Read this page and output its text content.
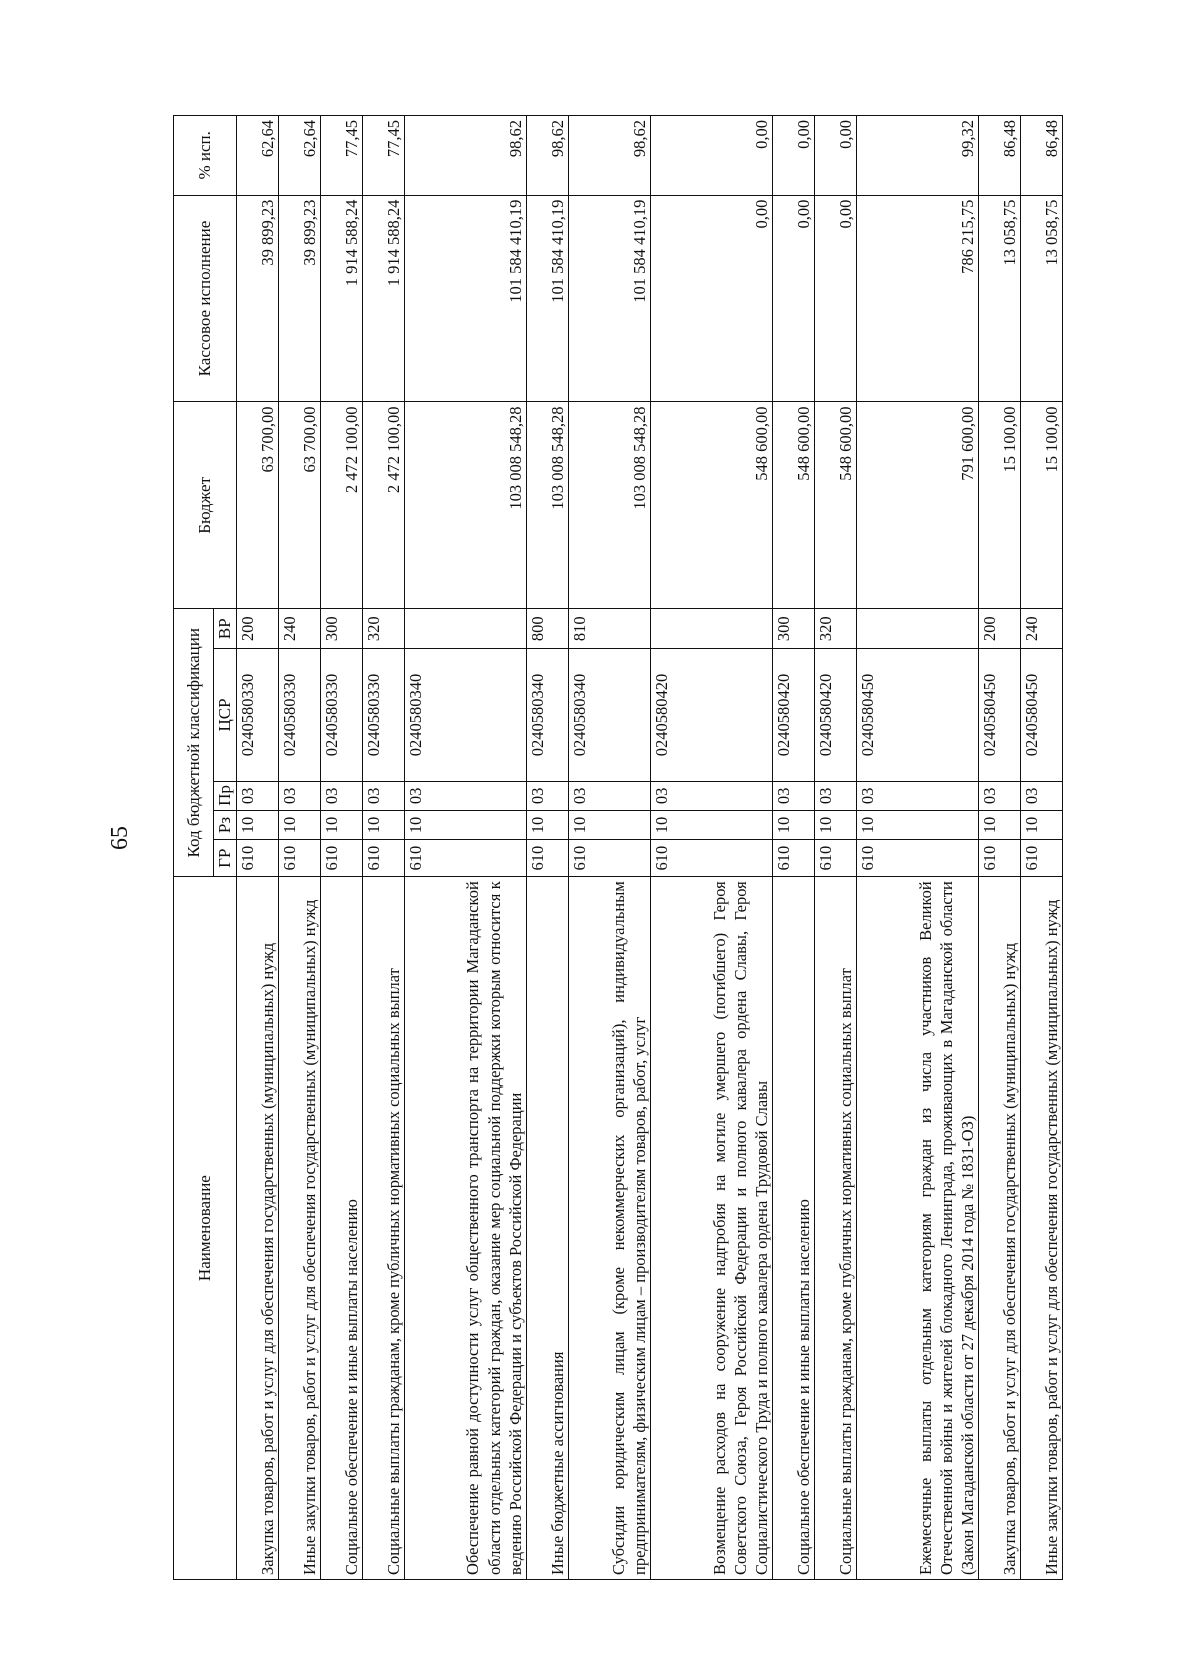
65
Наименование	Код бюджетной классификации					Бюджет	Кассовое исполнение	% исп.
	ГР	Рз	Пр	ЦСР	ВР			
Закупка товаров, работ и услуг для обеспечения государственных (муниципальных) нужд	610	10	03	0240580330	200	63 700,00	39 899,23	62,64
Иные закупки товаров, работ и услуг для обеспечения государственных (муниципальных) нужд	610	10	03	0240580330	240	63 700,00	39 899,23	62,64
Социальное обеспечение и иные выплаты населению	610	10	03	0240580330	300	2 472 100,00	1 914 588,24	77,45
Социальные выплаты гражданам, кроме публичных нормативных социальных выплат	610	10	03	0240580330	320	2 472 100,00	1 914 588,24	77,45
Обеспечение равной доступности услуг общественного транспорта на территории Магаданской области отдельных категорий граждан, оказание мер социальной поддержки которым относится к ведению Российской Федерации и субъектов Российской Федерации	610	10	03	0240580340		103 008 548,28	101 584 410,19	98,62
Иные бюджетные ассигнования	610	10	03	0240580340	800	103 008 548,28	101 584 410,19	98,62
Субсидии юридическим лицам (кроме некоммерческих организаций), индивидуальным предпринимателям, физическим лицам – производителям товаров, работ, услуг	610	10	03	0240580340	810	103 008 548,28	101 584 410,19	98,62
Возмещение расходов на сооружение надгробия на могиле умершего (погибшего) Героя Советского Союза, Героя Российской Федерации и полного кавалера ордена Славы, Героя Социалистического Труда и полного кавалера ордена Трудовой Славы	610	10	03	0240580420		548 600,00	0,00	0,00
Социальное обеспечение и иные выплаты населению	610	10	03	0240580420	300	548 600,00	0,00	0,00
Социальные выплаты гражданам, кроме публичных нормативных социальных выплат	610	10	03	0240580420	320	548 600,00	0,00	0,00
Ежемесячные выплаты отдельным категориям граждан из числа участников Великой Отечественной войны и жителей блокадного Ленинграда, проживающих в Магаданской области (Закон Магаданской области от 27 декабря 2014 года № 1831-ОЗ)	610	10	03	0240580450		791 600,00	786 215,75	99,32
Закупка товаров, работ и услуг для обеспечения государственных (муниципальных) нужд	610	10	03	0240580450	200	15 100,00	13 058,75	86,48
Иные закупки товаров, работ и услуг для обеспечения государственных (муниципальных) нужд	610	10	03	0240580450	240	15 100,00	13 058,75	86,48
